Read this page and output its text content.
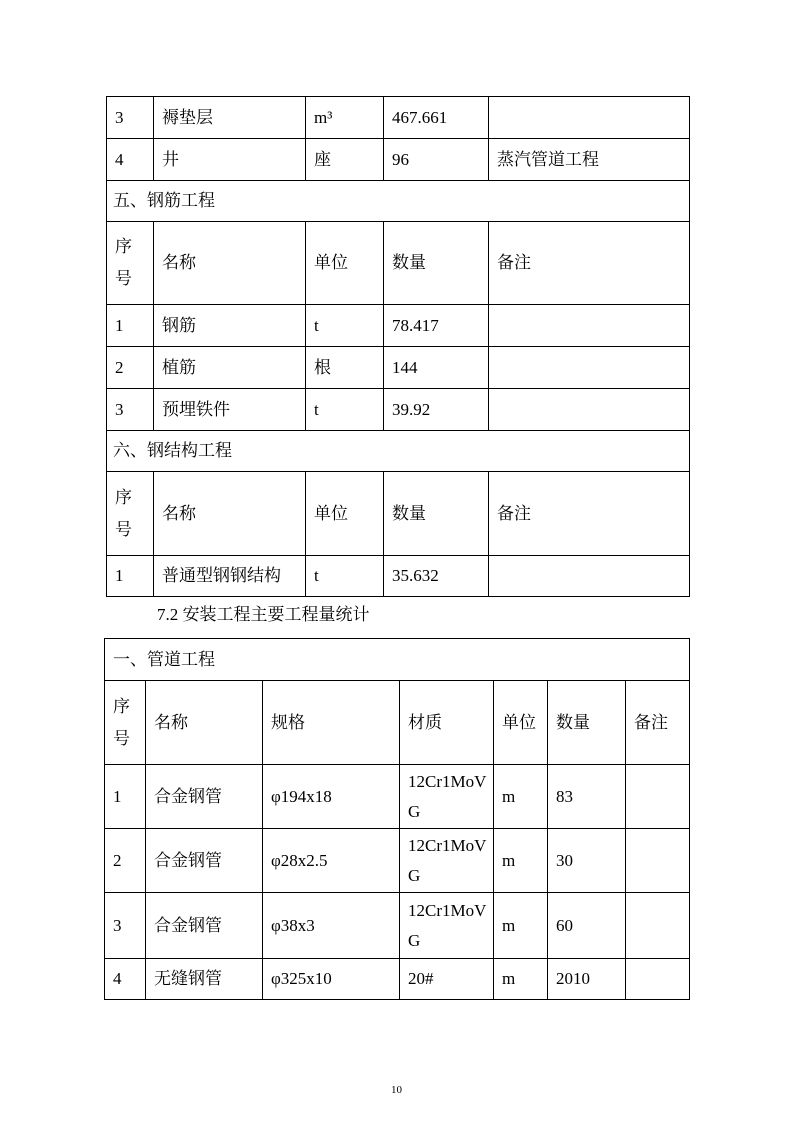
3	褥垫层	m³	467.661	
4	井	座	96	蒸汽管道工程
五、钢筋工程				
序号	名称	单位	数量	备注
1	钢筋	t	78.417	
2	植筋	根	144	
3	预埋铁件	t	39.92	
六、钢结构工程				
序号	名称	单位	数量	备注
1	普通型钢钢结构	t	35.632	
7.2 安装工程主要工程量统计
一、管道工程						
序号	名称	规格	材质	单位	数量	备注
1	合金钢管	φ194x18	12Cr1MoVG	m	83	
2	合金钢管	φ28x2.5	12Cr1MoVG	m	30	
3	合金钢管	φ38x3	12Cr1MoVG	m	60	
4	无缝钢管	φ325x10	20#	m	2010	
10
